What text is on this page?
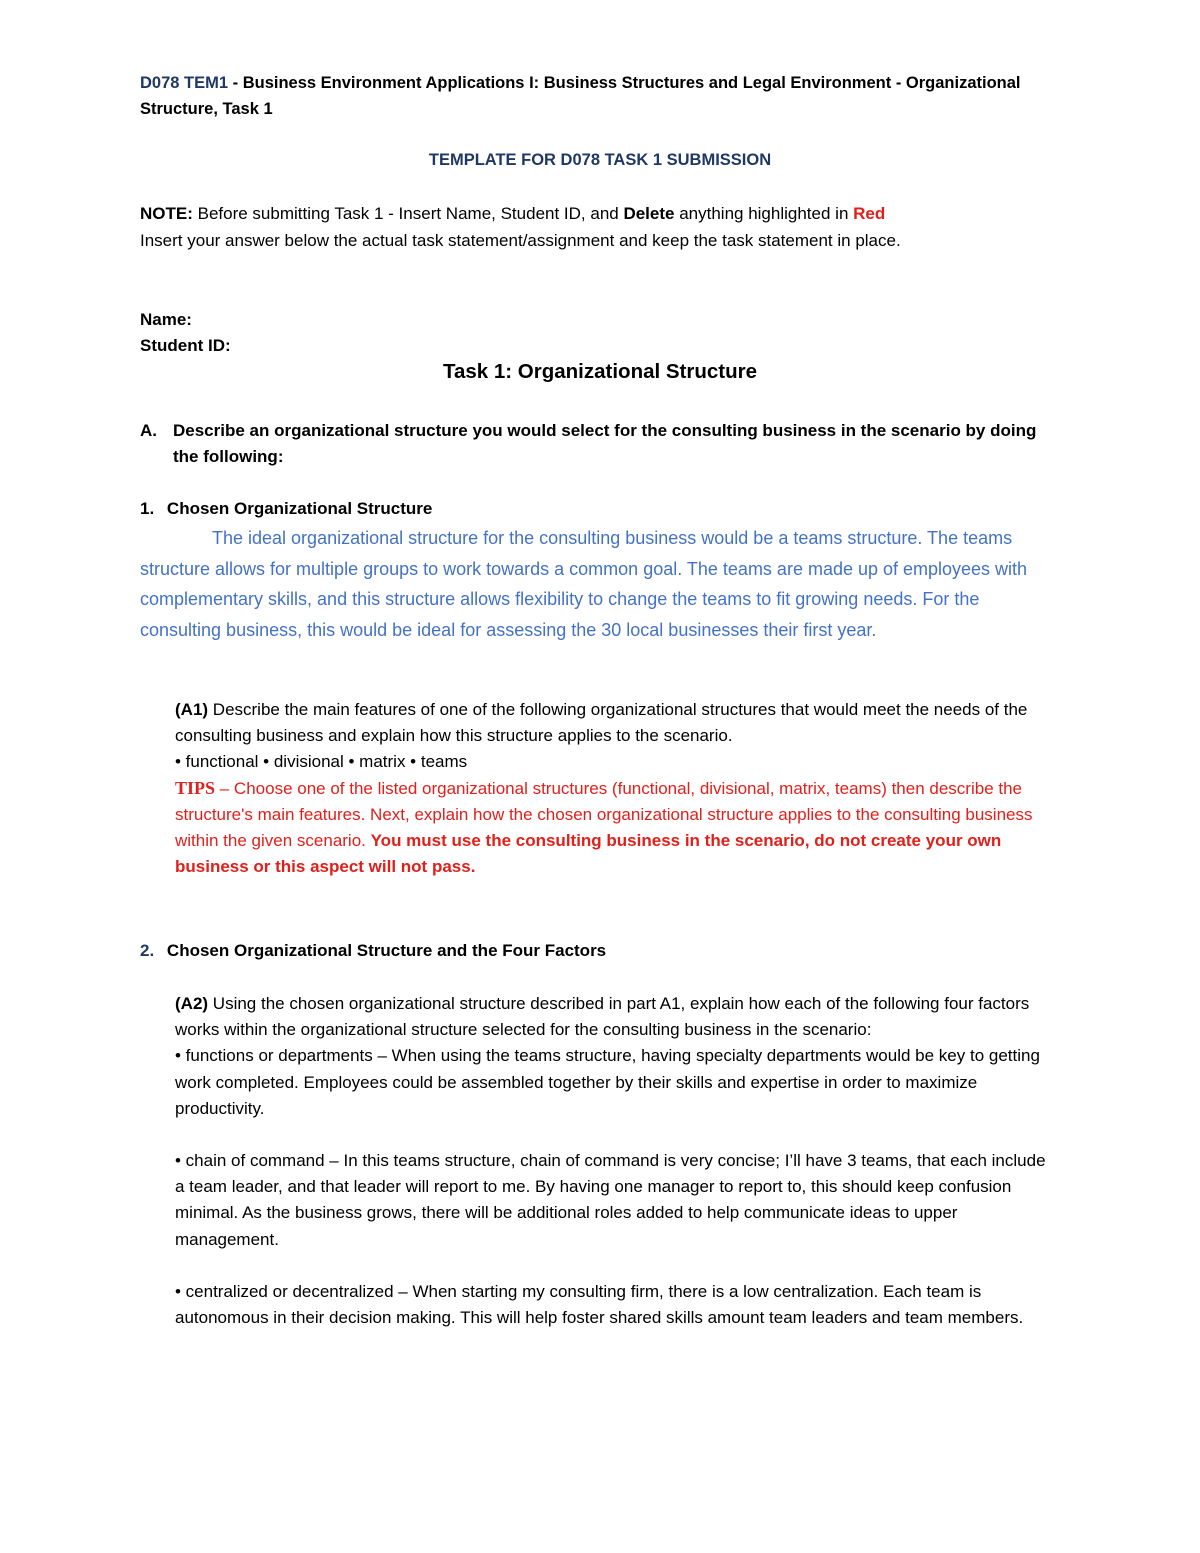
D078 TEM1 - Business Environment Applications I: Business Structures and Legal Environment - Organizational Structure, Task 1
TEMPLATE FOR D078 TASK 1 SUBMISSION

NOTE: Before submitting Task 1 - Insert Name, Student ID, and Delete anything highlighted in Red

Insert your answer below the actual task statement/assignment and keep the task statement in place.

Name:

Student ID:

Task 1: Organizational Structure
A. Describe an organizational structure you would select for the consulting business in the scenario by doing the following:

1. Chosen Organizational Structure
The ideal organizational structure for the consulting business would be a teams structure. The teams structure allows for multiple groups to work towards a common goal. The teams are made up of employees with complementary skills, and this structure allows flexibility to change the teams to fit growing needs. For the consulting business, this would be ideal for assessing the 30 local businesses their first year.

(A1) Describe the main features of one of the following organizational structures that would meet the needs of the consulting business and explain how this structure applies to the scenario.

• functional • divisional • matrix • teams

TIPS – Choose one of the listed organizational structures (functional, divisional, matrix, teams) then describe the structure's main features. Next, explain how the chosen organizational structure applies to the consulting business within the given scenario. You must use the consulting business in the scenario, do not create your own business or this aspect will not pass.

2. Chosen Organizational Structure and the Four Factors

(A2) Using the chosen organizational structure described in part A1, explain how each of the following four factors works within the organizational structure selected for the consulting business in the scenario:

• functions or departments – When using the teams structure, having specialty departments would be key to getting work completed. Employees could be assembled together by their skills and expertise in order to maximize productivity.

• chain of command – In this teams structure, chain of command is very concise; I’ll have 3 teams, that each include a team leader, and that leader will report to me. By having one manager to report to, this should keep confusion minimal. As the business grows, there will be additional roles added to help communicate ideas to upper management.

• centralized or decentralized – When starting my consulting firm, there is a low centralization. Each team is autonomous in their decision making. This will help foster shared skills amount team leaders and team members.
